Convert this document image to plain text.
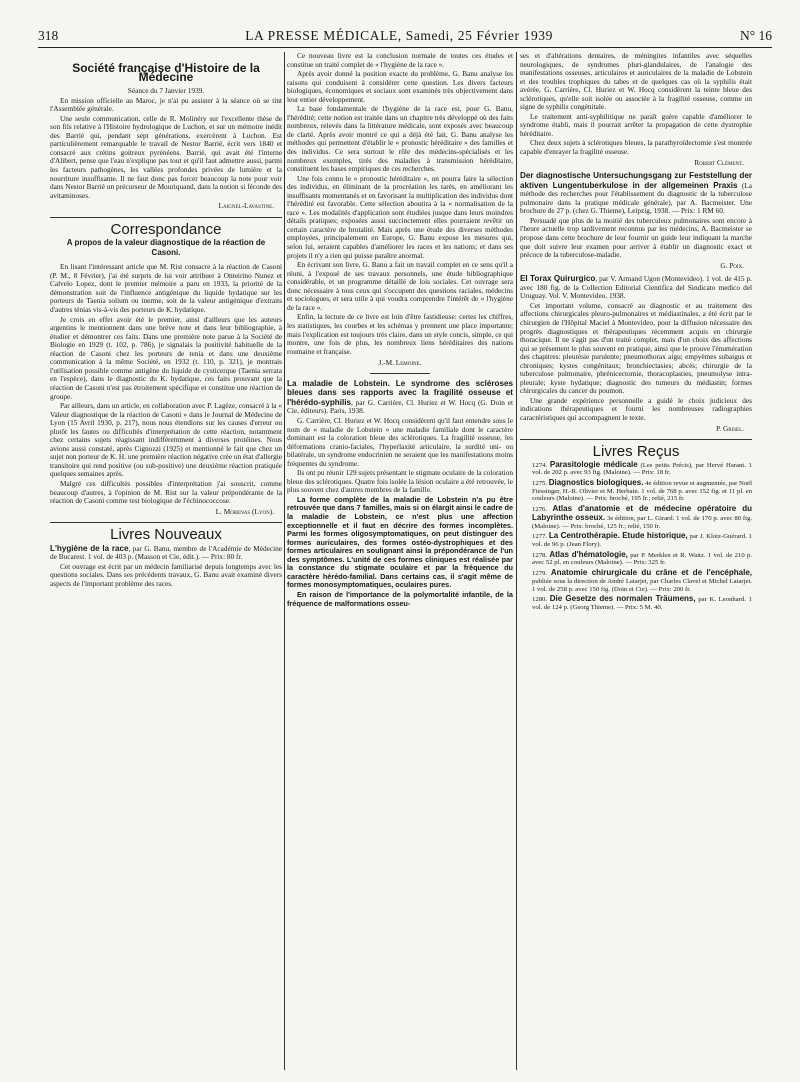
318	LA PRESSE MÉDICALE, Samedi, 25 Février 1939	N° 16
Société française d'Histoire de la Médecine

Séance du 7 Janvier 1939.

En mission officielle au Maroc, je n'ai pu assister à la séance où se tint l'Assemblée générale.

Une seule communication, celle de R. Molinéry sur l'excellente thèse de son fils relative à l'Histoire hydrologique de Luchon, et sur un mémoire inédit des Barrié qui, pendant sept générations, exercèrent à Luchon. Est particulièrement remarquable le travail de Nestor Barrié, écrit vers 1840 et consacré aux crétins goitreux pyrénéens. Barrié, qui avait été l'interne d'Alibert, pense que l'eau n'explique pas tout et qu'il faut admettre aussi, parmi les facteurs pathogènes, les vallées profondes privées de lumière et la nourriture insuffisante. Il ne faut donc pas forcer beaucoup la note pour voir dans Nestor Barrié un précurseur de Mouriquand, dans la notion si féconde des avitaminoses.

Laignel-Lavastine.

Correspondance
A propos de la valeur diagnostique de la réaction de Casoni.

En lisant l'intéressant article que M. Rist consacre à la réaction de Casoni (P. M., 8 Février), j'ai été surpris de lui voir attribuer à Onteirino Nunez et Calvelo Lopez, dont le premier mémoire a paru en 1933, la priorité de la démonstration soit de l'influence antigénique du liquide hydatique sur les porteurs de Taenia solium ou inerme, soit de la valeur antigénique d'extraits d'autres ténias vis-à-vis des porteurs de K. hydatique.

Je crois en effet avoir été le premier, ainsi d'ailleurs que les auteurs argentins le mentionnent dans une brève note et dans leur bibliographie, à étudier et démontrer ces faits. Dans une première note parue à la Société de Biologie en 1929 (t. 102, p. 786), je signalais la positivité habituelle de la réaction de Casoni chez les porteurs de tenia et dans une deuxième communication à la même Société, en 1932 (t. 110, p. 321), je montrais l'utilisation possible comme antigène du liquide de cysticerque (Taenia serrata en l'espèce), dans le diagnostic du K. hydatique, ces faits prouvant que la réaction de Casoni n'est pas étroitement spécifique et constitue une réaction de groupe.

Par ailleurs, dans un article, en collaboration avec P. Lagèze, consacré à la « Valeur diagnostique de la réaction de Casoni » dans le Journal de Médecine de Lyon (15 Avril 1930, p. 217), nous nous étendions sur les causes d'erreur ou plutôt les fautes ou difficultés d'interprétation de cette réaction, notamment chez certains sujets réagissant indifféremment à diverses protéines. Nous avions aussi constaté, après Cignozzi (1925) et mentionné le fait que chez un sujet non porteur de K. H. une première réaction négative crée un état d'allergie transitoire qui rend positive (ou sub-positive) une deuxième réaction pratiquée quelques semaines après.

Malgré ces difficultés possibles d'interprétation j'ai souscrit, comme beaucoup d'autres, à l'opinion de M. Rist sur la valeur prépondérante de la réaction de Casoni comme test biologique de l'échinococcose.

L. Morenas (Lyon).

Livres Nouveaux

L'hygiène de la race, par G. Banu, membre de l'Académie de Médecine de Bucarest. 1 vol. de 403 p. (Masson et Cie, édit.). — Prix: 80 fr.

Cet ouvrage est écrit par un médecin familiarisé depuis longtemps avec les questions sociales. Dans ses précédents travaux, G. Banu avait examiné divers aspects de l'important problème des races.

Ce nouveau livre est la conclusion normale de toutes ces études et constitue un traité complet de « l'hygiène de la race ».

Après avoir donné la position exacte du problème, G. Banu analyse les raisons qui conduisent à considérer cette question. Les divers facteurs biologiques, économiques et sociaux sont examinés très objectivement dans leur entier développement.

La base fondamentale de l'hygiène de la race est, pour G. Banu, l'hérédité; cette notion est traitée dans un chapitre très développé où des faits nombreux, relevés dans la littérature médicale, sont exposés avec beaucoup de clarté. Après avoir montré ce qui a déjà été fait, G. Banu analyse les méthodes qui permettent d'établir le « pronostic héréditaire » des familles et des individus. Ce sera surtout le rôle des médecins-spécialisés et les nombreux exemples, tirés des maladies à transmission héréditaire, constituent les bases empiriques de ces recherches.

Une fois connu le « pronostic héréditaire », on pourra faire la sélection des individus, en éliminant de la procréation les tarés, en améliorant les insuffisants momentanés et en favorisant la multiplication des individus dont l'hérédité est favorable. Cette sélection aboutira à la « normalisation de la race ». Les modalités d'application sont étudiées jusque dans leurs moindres détails pratiques; exposées aussi succinctement elles pourraient revêtir un certain caractère de brutalité. Mais après une étude des diverses méthodes employées, principalement en Europe, G. Banu expose les mesures qui, selon lui, seraient capables d'améliorer les races et les nations; et dans ses projets il n'y a rien qui puisse paraître anormal.

En écrivant son livre, G. Banu a fait un travail complet en ce sens qu'il a réuni, à l'exposé de ses travaux personnels, une étude bibliographique considérable, et un programme détaillé de lois sociales. Cet ouvrage sera donc nécessaire à tous ceux qui s'occupent des questions raciales, médecins et sociologues, et sera utile à qui voudra comprendre l'intérêt de « l'hygiène de la race ».

Enfin, la lecture de ce livre est loin d'être fastidieuse: certes les chiffres, les statistiques, les courbes et les schémas y prennent une place importante; mais l'explication est toujours très claire, dans un style concis, simple, ce qui montre, une fois de plus, les nombreux liens héréditaires des nations roumaine et française.

J.-M. Lemoine.

La maladie de Lobstein. Le syndrome des scléroses bleues dans ses rapports avec la fragilité osseuse et l'hérédo-syphilis, par G. Carrière, Cl. Huriez et W. Hocq (G. Doin et Cie, éditeurs). Paris, 1938.

G. Carrière, Cl. Huriez et W. Hocq considèrent qu'il faut entendre sous le nom de « maladie de Lobstein » une maladie familiale dont le caractère dominant est la coloration bleue des sclérotiques. La fragilité osseuse, les déformations cranio-faciales, l'hyperlaxité articulaire, la surdité uni- ou bilatérale, un syndrome endocrinien ne seraient que les manifestations moins fréquentes du syndrome.

Ils ont pu réunir 129 sujets présentant le stigmate oculaire de la coloration bleue des sclérotiques. Quatre fois isolée la lésion oculaire a été retrouvée, le plus souvent chez d'autres membres de la famille.

La forme complète de la maladie de Lobstein n'a pu être retrouvée que dans 7 familles, mais si on élargit ainsi le cadre de la maladie de Lobstein, ce n'est plus une affection exceptionnelle et il faut en décrire des formes incomplètes. Parmi les formes oligosymptomatiques, on peut distinguer des formes auriculaires, des formes ostéo-dystrophiques et des formes articulaires en soulignant ainsi la prépondérance de l'un des symptômes. L'unité de ces formes cliniques est réalisée par la constance du stigmate oculaire et par la fréquence du caractère hérédo-familial. Dans certains cas, il s'agit même de formes monosymptomatiques, oculaires pures.

En raison de l'importance de la polymortalité infantile, de la fréquence de malformations osseu-

ses et d'altérations dentaires, de méningites infantiles avec séquelles neurologiques, de syndromes pluri-glandulaires, de l'analogie des manifestations osseuses, articulaires et auriculaires de la maladie de Lobstein et des troubles trophiques du tabes et de quelques cas où la syphilis était avérée, G. Carrière, Cl. Huriez et W. Hocq considèrent la teinte bleue des sclérotiques, qu'elle soit isolée ou associée à la fragilité osseuse, comme un signe de syphilis congénitale.

Le traitement anti-syphilitique ne paraît guère capable d'améliorer le syndrome établi, mais il pourrait arrêter la propagation de cette dystrophie héréditaire.

Chez deux sujets à sclérotiques bleues, la parathyroïdectomie s'est montrée capable d'enrayer la fragilité osseuse.

Robert Clément.

Der diagnostische Untersuchungsgang zur Feststellung der aktiven Lungentuberkulose in der allgemeinen Praxis (La méthode des recherches pour l'établissement du diagnostic de la tuberculose pulmonaire dans la pratique médicale générale), par A. Bacmeister. Une brochure de 27 p. (chez G. Thieme), Leipzig, 1938. — Prix: 1 RM 60.

Persuadé que plus de la moitié des tuberculeux pulmonaires sont encore à l'heure actuelle trop tardivement reconnus par les médecins, A. Bacmeister se propose dans cette brochure de leur fournir un guide leur indiquant la marche que doit suivre leur examen pour arriver à établir un diagnostic exact et précoce de la tuberculose-maladie.

G. Poix.

El Torax Quirurgico, par V. Armand Ugon (Montevideo). 1 vol. de 415 p. avec 180 fig. de la Collection Editorial Cientifica del Sindicato medico del Uruguay. Vol. V. Montevideo, 1938.

Cet important volume, consacré au diagnostic et au traitement des affections chirurgicales pleuro-pulmonaires et médiastinales, a été écrit par le chirurgien de l'Hôpital Maciel à Montevideo, pour la diffusion nécessaire des progrès diagnostiques et thérapeutiques récemment acquis en chirurgie thoracique. Il ne s'agit pas d'un traité complet, mais d'un choix des affections qui se présentent le plus souvent en pratique, ainsi que le prouve l'énumération des chapitres: pleurésie purulente; pneumothorax aigu; empyèmes subaigus et chroniques; kystes congénitaux; bronchiectasies; abcès; chirurgie de la tuberculose pulmonaire, phrénicectomie, thoracoplasties, pneumolyse intra-pleurale; kyste hydatique; diagnostic des tumeurs du médiastin; formes chirurgicales du cancer du poumon.

Une grande expérience personnelle a guidé le choix judicieux des indications thérapeutiques et fourni les nombreuses radiographies caractéristiques qui accompagnent le texte.

P. Grisel.

Livres Reçus

1274. Parasitologie médicale (Les petits Précis), par Hervé Harant. 1 vol. de 202 p. avec 93 fig. (Maloine). — Prix: 18 fr.

1275. Diagnostics biologiques. 4e édition revue et augmentée, par Noël Fiessinger, H.-R. Olivier et M. Herbain. 1 vol. de 768 p. avec 152 fig. et 11 pl. en couleurs (Maloine). — Prix: broché, 195 fr.; relié, 215 fr.

1276. Atlas d'anatomie et de médecine opératoire du Labyrinthe osseux. 3e édition, par L. Girard. 1 vol. de 170 p. avec 80 fig. (Maloine). — Prix: broché, 125 fr.; relié, 150 fr.

1277. La Centrothérapie. Etude historique, par J. Klotz-Guérard. 1 vol. de 96 p. (Jean Flory).

1278. Atlas d'hématologie, par P. Merklen et R. Waitz. 1 vol. de 210 p. avec 52 pl. en couleurs (Maloine). — Prix: 325 fr.

1279. Anatomie chirurgicale du crâne et de l'encéphale, publiée sous la direction de André Latarjet, par Charles Clavel et Michel Latarjet. 1 vol. de 258 p. avec 150 fig. (Doin et Cie). — Prix: 200 fr.

1280. Die Gesetze des normalen Träumens, par K. Leonhard. 1 vol. de 124 p. (Georg Thieme). — Prix: 5 M. 40.
